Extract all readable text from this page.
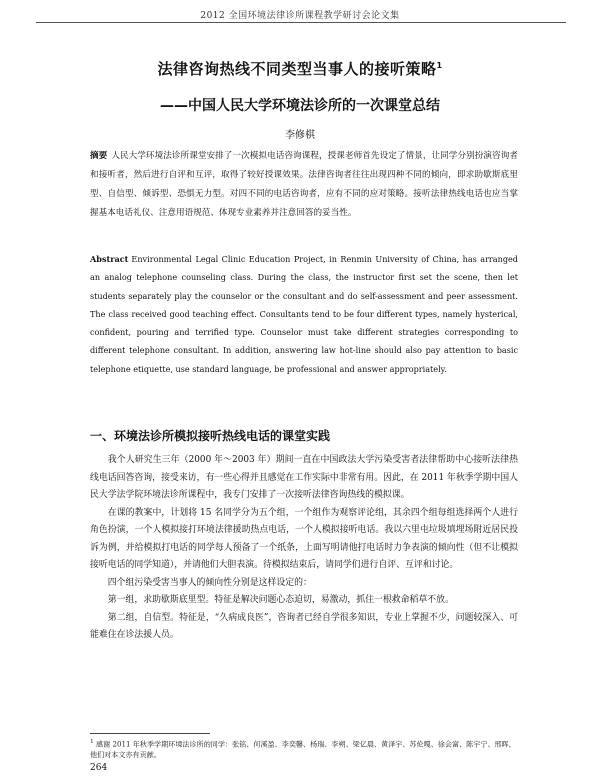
2012 全国环境法律诊所课程教学研讨会论文集
法律咨询热线不同类型当事人的接听策略$^1$
——中国人民大学环境法诊所的一次课堂总结
李修棋
摘要 人民大学环境法诊所课堂安排了一次模拟电话咨询课程，授课老师首先设定了情景，让同学分别扮演咨询者和接听者，然后进行自评和互评，取得了较好授课效果。法律咨询者往往出现四种不同的倾向，即求助歇斯底里型、自信型、倾诉型、恐惧无力型。对四不同的电话咨询者，应有不同的应对策略。接听法律热线电话也应当掌握基本电话礼仪、注意用语规范、体现专业素养并注意回答的妥当性。
Abstract Environmental Legal Clinic Education Project, in Renmin University of China, has arranged an analog telephone counseling class. During the class, the instructor first set the scene, then let students separately play the counselor or the consultant and do self-assessment and peer assessment. The class received good teaching effect. Consultants tend to be four different types, namely hysterical, confident, pouring and terrified type. Counselor must take different strategies corresponding to different telephone consultant. In addition, answering law hot-line should also pay attention to basic telephone etiquette, use standard language, be professional and answer appropriately.
一、环境法诊所模拟接听热线电话的课堂实践

我个人研究生三年（2000 年～2003 年）期间一直在中国政法大学污染受害者法律帮助中心接听法律热线电话回答咨询，接受来访，有一些心得并且感觉在工作实际中非常有用。因此，在 2011 年秋季学期中国人民大学法学院环境法诊所课程中，我专门安排了一次接听法律咨询热线的模拟课。

在课的教案中，计划将 15 名同学分为五个组，一个组作为观察评论组，其余四个组每组选择两个人进行角色扮演，一个人模拟接打环境法律援助热点电话，一个人模拟接听电话。我以六里屯垃圾填埋场附近居民投诉为例，并给模拟打电话的同学每人预备了一个纸条，上面写明请他打电话时力争表演的倾向性（但不让模拟接听电话的同学知道），并请他们大胆表演。待模拟结束后，请同学们进行自评、互评和讨论。

四个组污染受害当事人的倾向性分别是这样设定的：

第一组，求助歇斯底里型。特征是解决问题心态迫切，易激动，抓住一根救命稻草不放。

第二组，自信型。特征是，“久病成良医”，咨询者已经自学很多知识，专业上掌握不少，问题较深入、可能难住在诊法援人员。

$^1$ 感谢 2011 年秋季学期环境法诊所的同学：张铭、何溪盈、李奕馨、杨瑞、李朔、梁亿晨、黄泽宇、苏伦嘎、徐会富、陈宇宁、邢晖，他们对本文亦有贡献。
264
